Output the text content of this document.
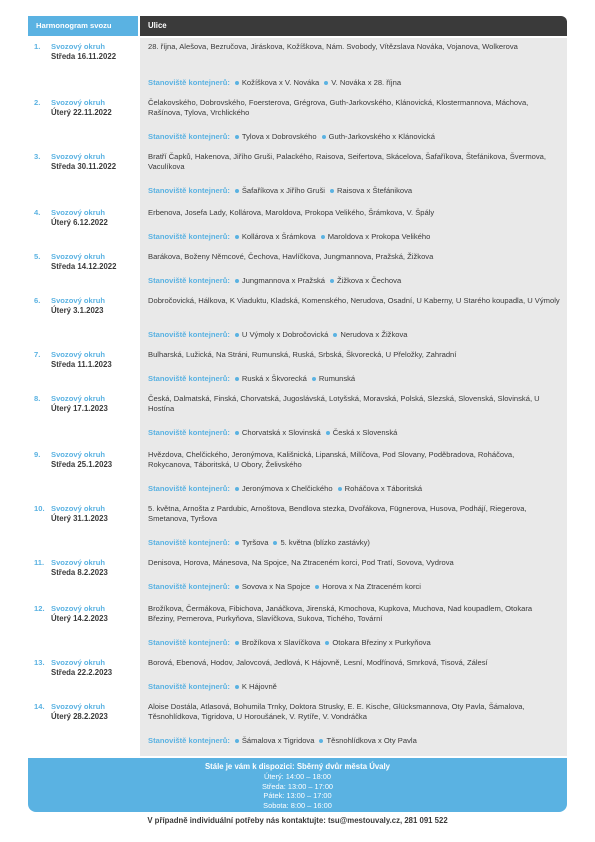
Harmonogram svozu	Ulice
1. Svozový okruh
Středa 16.11.2022
28. října, Alešova, Bezručova, Jiráskova, Kožíškova, Nám. Svobody, Vítězslava Nováka, Vojanova, Wolkerova
Stanoviště kontejnerů: Kožíškova x V. Nováka V. Nováka x 28. října
2. Svozový okruh
Úterý 22.11.2022
Čelakovského, Dobrovského, Foersterova, Grégrova, Guth-Jarkovského, Klánovická, Klostermannova, Máchova, Rašínova, Tylova, Vrchlického
Stanoviště kontejnerů: Tylova x Dobrovského Guth-Jarkovského x Klánovická
3. Svozový okruh
Středa 30.11.2022
Bratří Čapků, Hakenova, Jiřího Gruši, Palackého, Raisova, Seifertova, Skácelova, Šafaříkova, Štefánikova, Švermova, Vaculíkova
Stanoviště kontejnerů: Šafaříkova x Jiřího Gruši Raisova x Štefánikova
4. Svozový okruh
Úterý 6.12.2022
Erbenova, Josefa Lady, Kollárova, Maroldova, Prokopa Velikého, Šrámkova, V. Špály
Stanoviště kontejnerů: Kollárova x Šrámkova Maroldova x Prokopa Velikého
5. Svozový okruh
Středa 14.12.2022
Barákova, Boženy Němcové, Čechova, Havlíčkova, Jungmannova, Pražská, Žižkova
Stanoviště kontejnerů: Jungmannova x Pražská Žižkova x Čechova
6. Svozový okruh
Úterý 3.1.2023
Dobročovická, Hálkova, K Viaduktu, Kladská, Komenského, Nerudova, Osadní, U Kaberny, U Starého koupadla, U Výmoly
Stanoviště kontejnerů: U Výmoly x Dobročovická Nerudova x Žižkova
7. Svozový okruh
Středa 11.1.2023
Bulharská, Lužická, Na Stráni, Rumunská, Ruská, Srbská, Škvorecká, U Přeložky, Zahradní
Stanoviště kontejnerů: Ruská x Škvorecká Rumunská
8. Svozový okruh
Úterý 17.1.2023
Česká, Dalmatská, Finská, Chorvatská, Jugoslávská, Lotyšská, Moravská, Polská, Slezská, Slovenská, Slovinská, U Hostína
Stanoviště kontejnerů: Chorvatská x Slovinská Česká x Slovenská
9. Svozový okruh
Středa 25.1.2023
Hvězdova, Chelčického, Jeronýmova, Kališnická, Lipanská, Milíčova, Pod Slovany, Poděbradova, Roháčova, Rokycanova, Táboritská, U Obory, Želivského
Stanoviště kontejnerů: Jeronýmova x Chelčického Roháčova x Táboritská
10. Svozový okruh
Úterý 31.1.2023
5. května, Arnošta z Pardubic, Arnoštova, Bendlova stezka, Dvořákova, Fügnerova, Husova, Podhájí, Riegerova, Smetanova, Tyršova
Stanoviště kontejnerů: Tyršova 5. května (blízko zastávky)
11. Svozový okruh
Středa 8.2.2023
Denisova, Horova, Mánesova, Na Spojce, Na Ztraceném korci, Pod Tratí, Sovova, Vydrova
Stanoviště kontejnerů: Sovova x Na Spojce Horova x Na Ztraceném korci
12. Svozový okruh
Úterý 14.2.2023
Brožíkova, Čermákova, Fibichova, Janáčkova, Jirenská, Kmochova, Kupkova, Muchova, Nad koupadlem, Otokara Březiny, Pernerova, Purkyňova, Slavíčkova, Sukova, Tichého, Tovární
Stanoviště kontejnerů: Brožíkova x Slavíčkova Otokara Březiny x Purkyňova
13. Svozový okruh
Středa 22.2.2023
Borová, Ebenová, Hodov, Jalovcová, Jedlová, K Hájovně, Lesní, Modřínová, Smrková, Tisová, Zálesí
Stanoviště kontejnerů: K Hájovně
14. Svozový okruh
Úterý 28.2.2023
Aloise Dostála, Atlasová, Bohumila Trnky, Doktora Strusky, E. E. Kische, Glücksmannova, Oty Pavla, Šámalova, Těsnohlídkova, Tigridova, U Horoušánek, V. Rytíře, V. Vondráčka
Stanoviště kontejnerů: Šámalova x Tigridova Těsnohlídkova x Oty Pavla
Stále je vám k dispozici: Sběrný dvůr města Úvaly
Úterý: 14:00 – 18:00
Středa: 13:00 – 17:00
Pátek: 13:00 – 17:00
Sobota: 8:00 – 16:00
V případně individuální potřeby nás kontaktujte: tsu@mestouvaly.cz, 281 091 522
